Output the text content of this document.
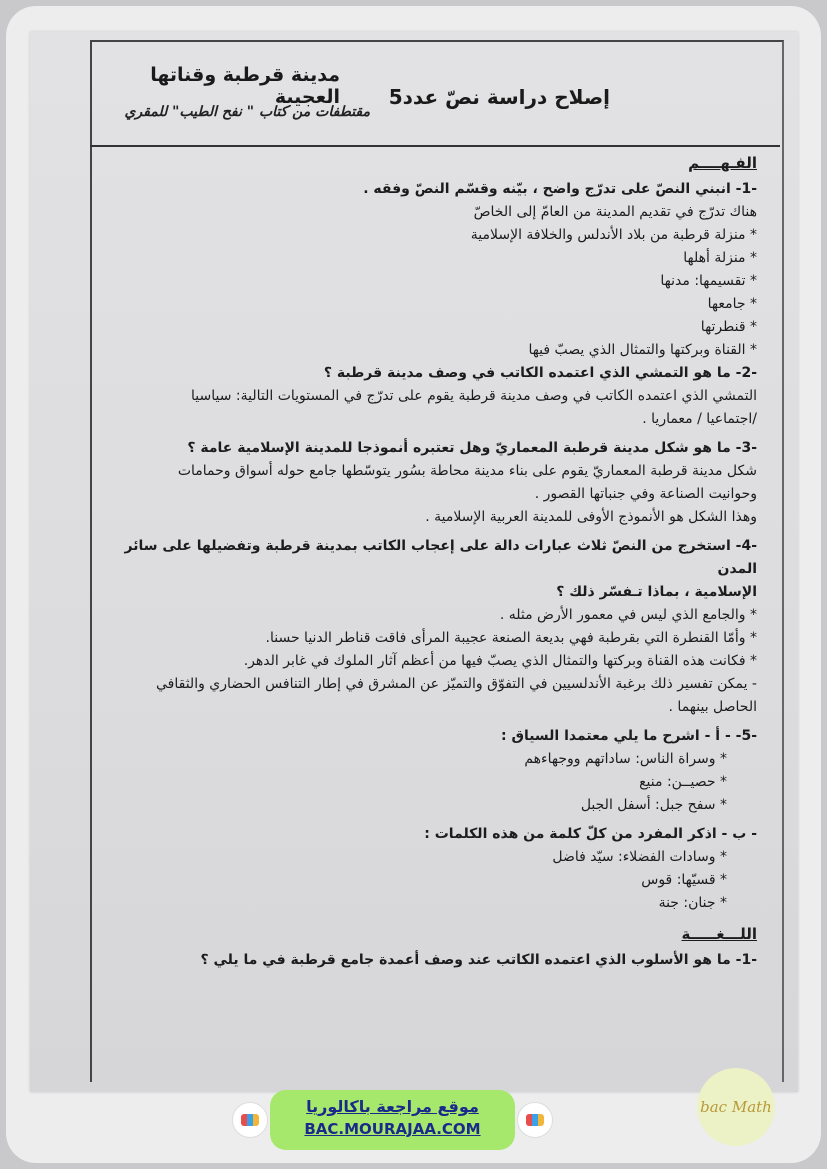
إصلاح دراسة نصّ عدد5
مدينة قرطبة وقناتها العجيبة
مقتطفات من كتاب " نفح الطيب" للمقري

الفـهــــم

-1- انبني النصّ على تدرّج واضح ، بيّنه وقسّم النصّ وفقه .

هناك تدرّج في تقديم المدينة من العامّ إلى الخاصّ

* منزلة قرطبة من بلاد الأندلس والخلافة الإسلامية

* منزلة أهلها

* تقسيمها: مدنها

* جامعها

* قنطرتها

* القناة وبركتها والتمثال الذي يصبّ فيها

-2- ما هو التمشي الذي اعتمده الكاتب في وصف مدينة قرطبة ؟

التمشي الذي اعتمده الكاتب في وصف مدينة قرطبة يقوم على تدرّج في المستويات التالية: سياسيا

/اجتماعيا / معماريا .

-3- ما هو شكل مدينة قرطبة المعماريّ وهل تعتبره أنموذجا للمدينة الإسلامية عامة ؟

شكل مدينة قرطبة المعماريّ يقوم على بناء مدينة محاطة بسُور يتوسّطها جامع حوله أسواق وحمامات

وحوانيت الصناعة وفي جنباتها القصور .

وهذا الشكل هو الأنموذج الأوفى للمدينة العربية الإسلامية .

-4- استخرج من النصّ ثلاث عبارات دالة على إعجاب الكاتب بمدينة قرطبة وتفضيلها على سائر المدن

الإسلامية ، بماذا تـفسّر ذلك ؟

* والجامع الذي ليس في معمور الأرض مثله .

* وأمّا القنطرة التي بقرطبة فهي بديعة الصنعة عجيبة المرأى فاقت قناطر الدنيا حسنا.

* فكانت هذه القناة وبركتها والتمثال الذي يصبّ فيها من أعظم آثار الملوك في غابر الدهر.

- يمكن تفسير ذلك برغبة الأندلسيين في التفوّق والتميّز عن المشرق في إطار التنافس الحضاري والثقافي

الحاصل بينهما .

-5- - أ - اشرح ما يلي معتمدا السياق :

* وسراة الناس: ساداتهم ووجهاءهم

* حصيــن: منيع

* سفح جبل: أسفل الجبل

- ب - اذكر المفرد من كلّ كلمة من هذه الكلمات :

* وسادات الفضلاء: سيّد فاضل

* قسيّها: قوس

* جنان: جنة

اللـــغـــــة

-1- ما هو الأسلوب الذي اعتمده الكاتب عند وصف أعمدة جامع قرطبة في ما يلي ؟

موقع مراجعة باكالوريا
BAC.MOURAJAA.COM
bac Math
